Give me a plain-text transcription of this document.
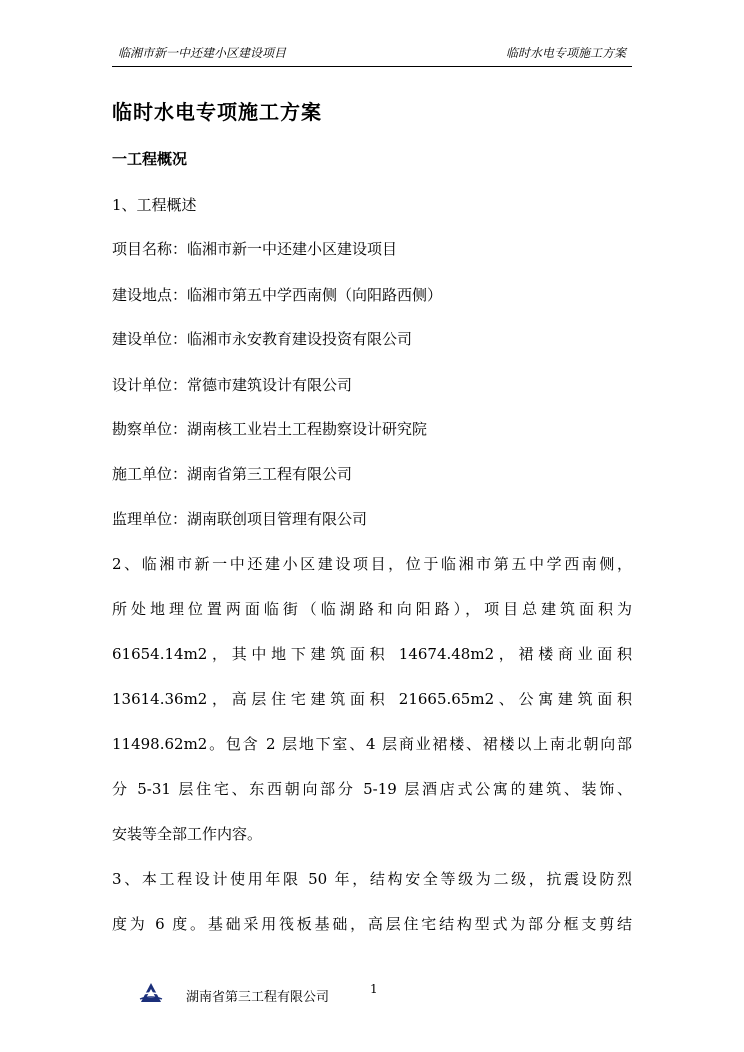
临湘市新一中还建小区建设项目	临时水电专项施工方案
临时水电专项施工方案
一工程概况
1、工程概述
项目名称：临湘市新一中还建小区建设项目
建设地点：临湘市第五中学西南侧（向阳路西侧）
建设单位：临湘市永安教育建设投资有限公司
设计单位：常德市建筑设计有限公司
勘察单位：湖南核工业岩土工程勘察设计研究院
施工单位：湖南省第三工程有限公司
监理单位：湖南联创项目管理有限公司
2、临湘市新一中还建小区建设项目，位于临湘市第五中学西南侧，
所处地理位置两面临街（临湖路和向阳路），项目总建筑面积为
61654.14m2，其中地下建筑面积 14674.48m2，裙楼商业面积
13614.36m2，高层住宅建筑面积 21665.65m2、公寓建筑面积
11498.62m2。包含 2 层地下室、4 层商业裙楼、裙楼以上南北朝向部
分 5-31 层住宅、东西朝向部分 5-19 层酒店式公寓的建筑、装饰、
安装等全部工作内容。
3、本工程设计使用年限 50 年，结构安全等级为二级，抗震设防烈
度为 6 度。基础采用筏板基础，高层住宅结构型式为部分框支剪结
湖南省第三工程有限公司
1
